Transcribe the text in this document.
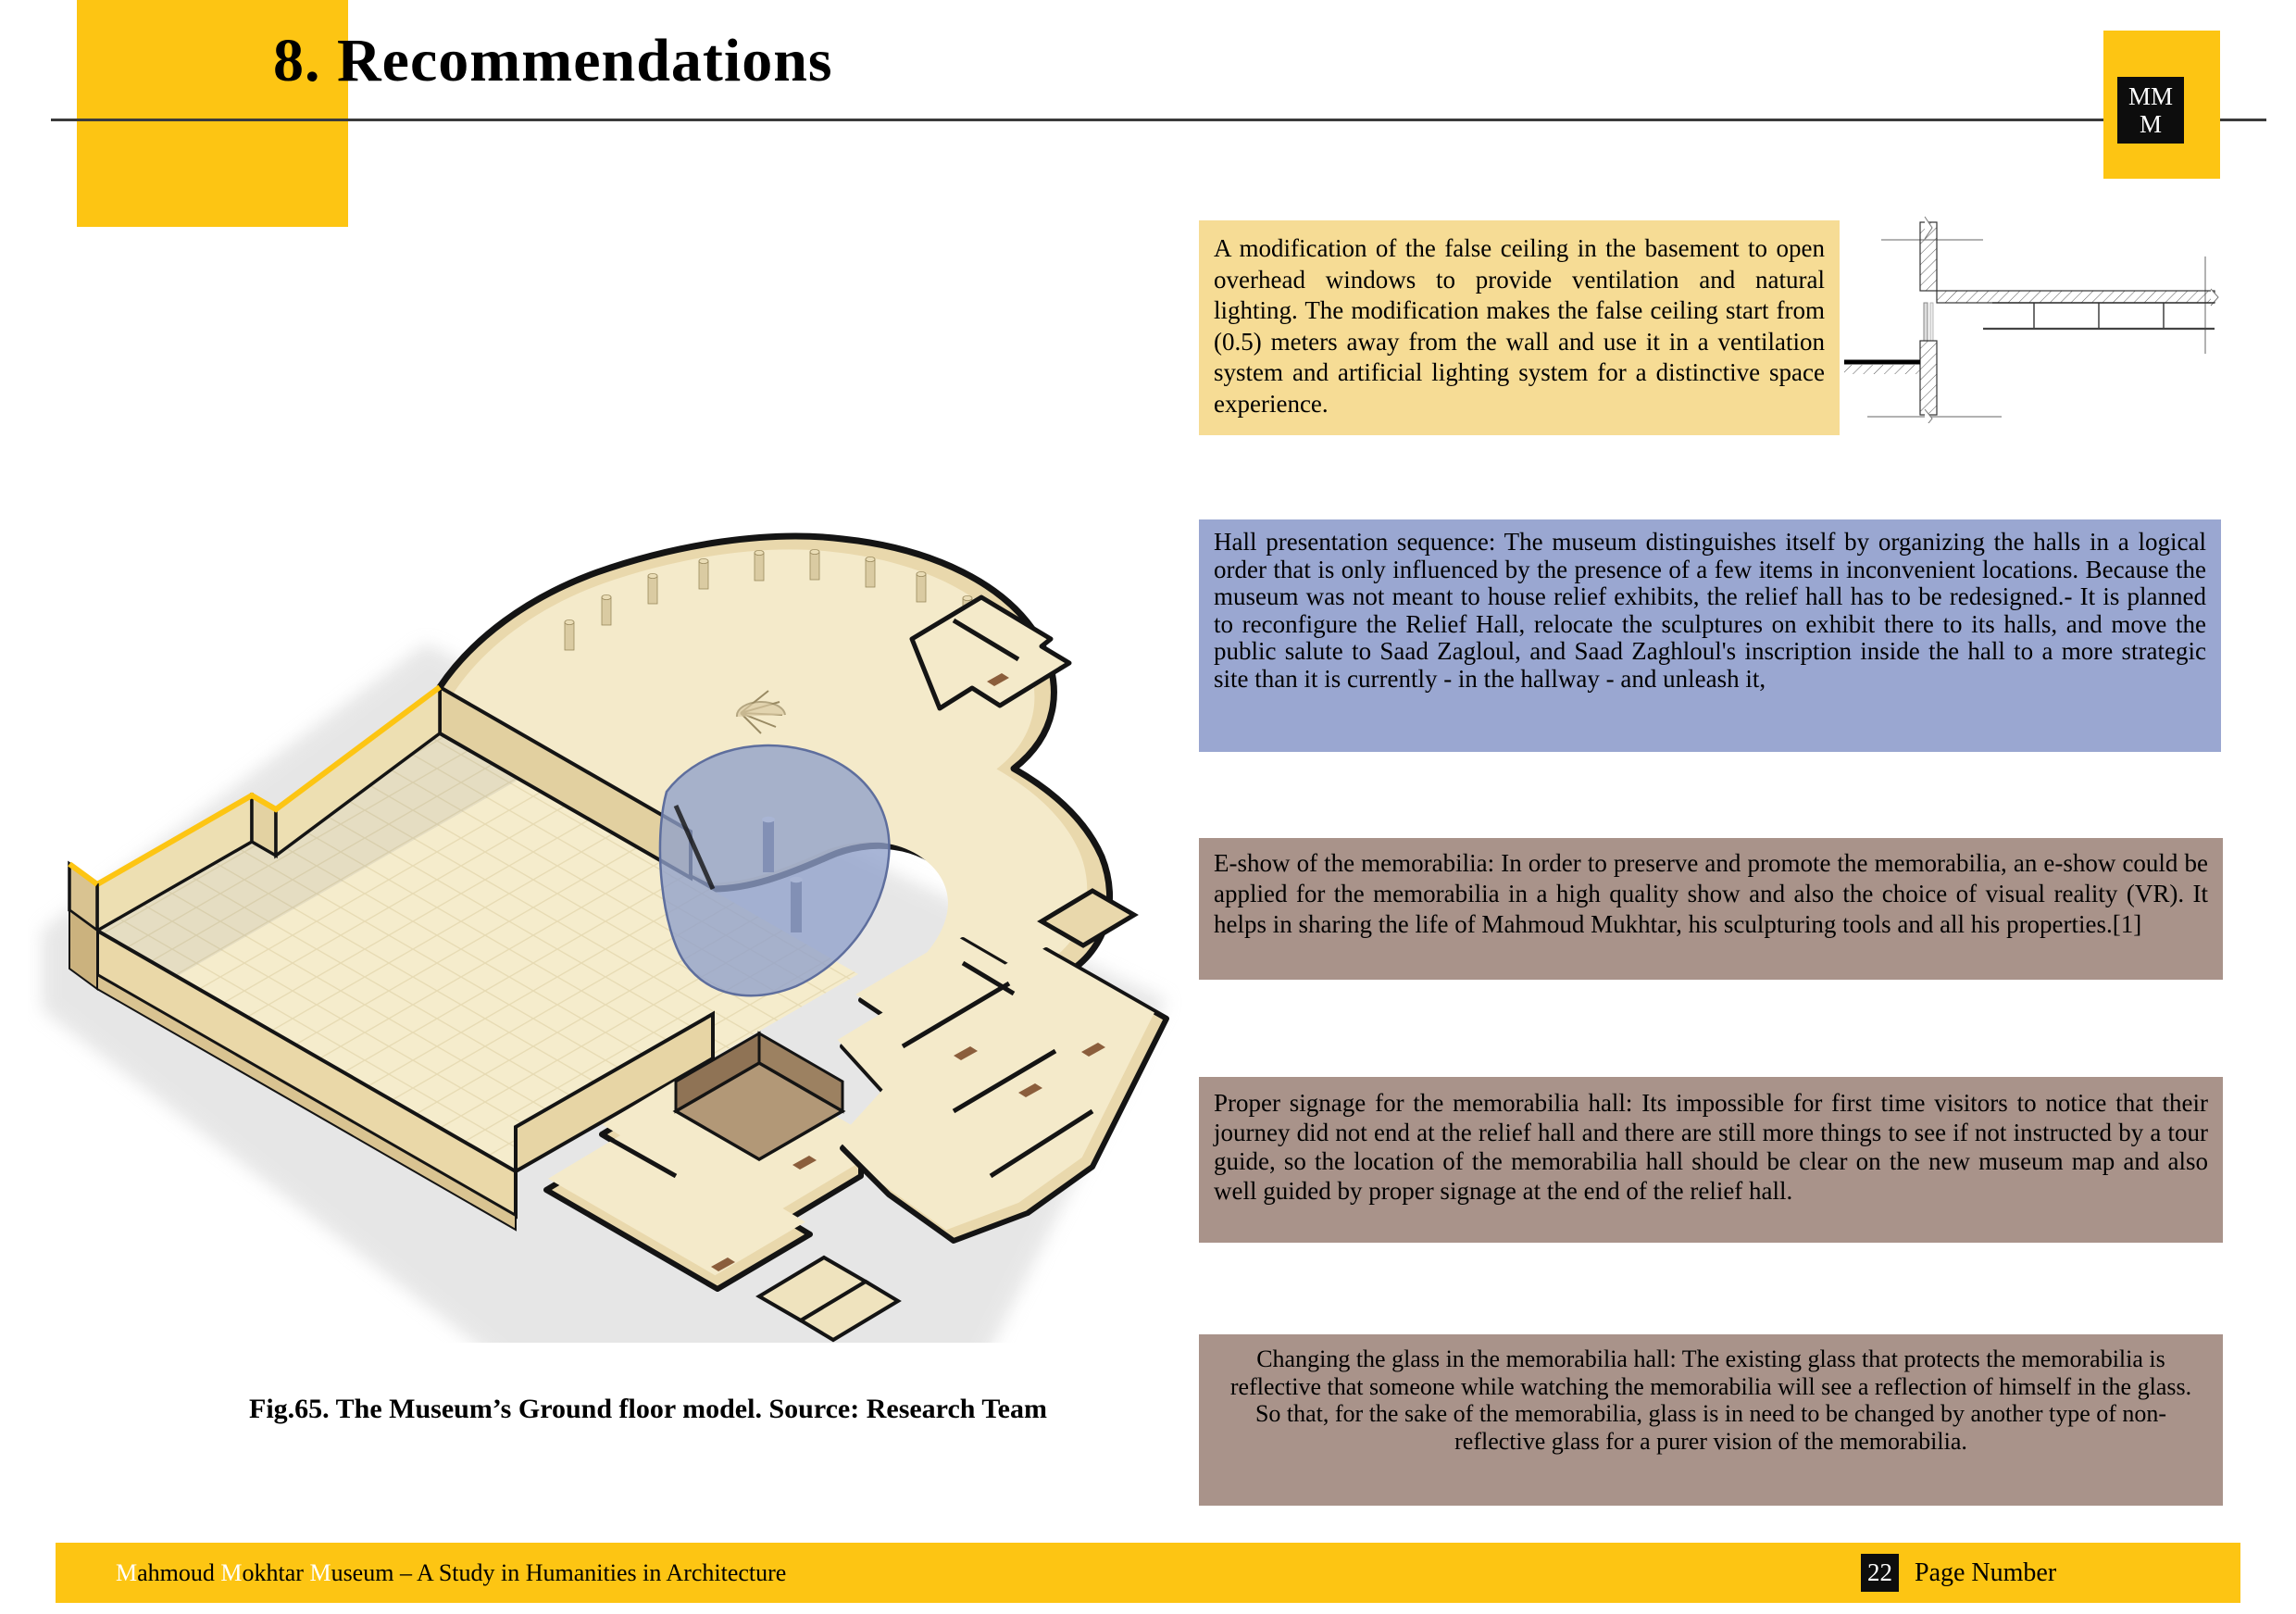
8. Recommendations
MM
M
Fig.65. The Museum’s Ground floor model. Source: Research Team

A modification of the false ceiling in the basement to open overhead windows to provide ventilation and natural lighting. The modification makes the false ceiling start from (0.5) meters away from the wall and use it in a ventilation system and artificial lighting system for a distinctive space experience.

Hall presentation sequence: The museum distinguishes itself by organizing the halls in a logical order that is only influenced by the presence of a few items in inconvenient locations. Because the museum was not meant to house relief exhibits, the relief hall has to be redesigned.- It is planned to reconfigure the Relief Hall, relocate the sculptures on exhibit there to its halls, and move the public salute to Saad Zagloul, and Saad Zaghloul's inscription inside the hall to a more strategic site than it is currently - in the hallway - and unleash it,

E-show of the memorabilia: In order to preserve and promote the memorabilia, an e-show could be applied for the memorabilia in a high quality show and also the choice of visual reality (VR). It helps in sharing the life of Mahmoud Mukhtar, his sculpturing tools and all his properties.[1]

Proper signage for the memorabilia hall: Its impossible for first time visitors to notice that their journey did not end at the relief hall and there are still more things to see if not instructed by a tour guide, so the location of the memorabilia hall should be clear on the new museum map and also well guided by proper signage at the end of the relief hall.

Changing the glass in the memorabilia hall: The existing glass that protects the memorabilia is reflective that someone while watching the memorabilia will see a reflection of himself in the glass. So that, for the sake of the memorabilia, glass is in need to be changed by another type of non-reflective glass for a purer vision of the memorabilia.

M ahmoud M okhtar M useum – A Study in Humanities in Architecture	22 Page Number
